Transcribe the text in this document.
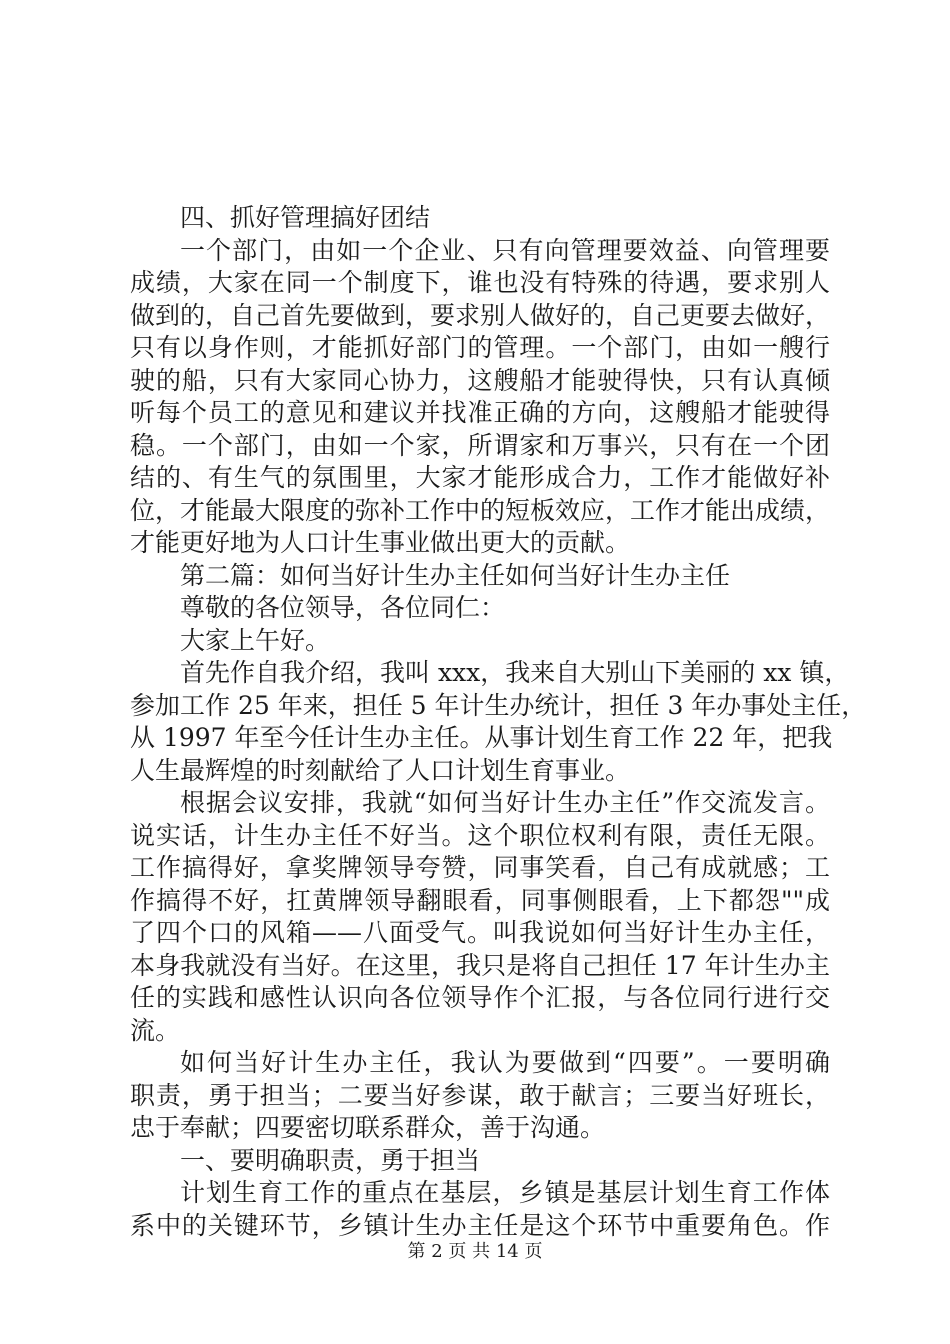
四、抓好管理搞好团结
一个部门，由如一个企业、只有向管理要效益、向管理要
成绩，大家在同一个制度下，谁也没有特殊的待遇，要求别人
做到的，自己首先要做到，要求别人做好的，自己更要去做好，
只有以身作则，才能抓好部门的管理。一个部门，由如一艘行
驶的船，只有大家同心协力，这艘船才能驶得快，只有认真倾
听每个员工的意见和建议并找准正确的方向，这艘船才能驶得
稳。一个部门，由如一个家，所谓家和万事兴，只有在一个团
结的、有生气的氛围里，大家才能形成合力，工作才能做好补
位，才能最大限度的弥补工作中的短板效应，工作才能出成绩，
才能更好地为人口计生事业做出更大的贡献。
第二篇：如何当好计生办主任如何当好计生办主任
尊敬的各位领导，各位同仁：
大家上午好。
首先作自我介绍，我叫 xxx，我来自大别山下美丽的 xx 镇，
参加工作 25 年来，担任 5 年计生办统计，担任 3 年办事处主任，
从 1997 年至今任计生办主任。从事计划生育工作 22 年，把我
人生最辉煌的时刻献给了人口计划生育事业。
根据会议安排，我就“如何当好计生办主任”作交流发言。
说实话，计生办主任不好当。这个职位权利有限，责任无限。
工作搞得好，拿奖牌领导夸赞，同事笑看，自己有成就感；工
作搞得不好，扛黄牌领导翻眼看，同事侧眼看，上下都怨""成
了四个口的风箱——八面受气。叫我说如何当好计生办主任，
本身我就没有当好。在这里，我只是将自己担任 17 年计生办主
任的实践和感性认识向各位领导作个汇报，与各位同行进行交
流。
如何当好计生办主任，我认为要做到“四要”。一要明确
职责，勇于担当；二要当好参谋，敢于献言；三要当好班长，
忠于奉献；四要密切联系群众，善于沟通。
一、要明确职责，勇于担当
计划生育工作的重点在基层，乡镇是基层计划生育工作体
系中的关键环节，乡镇计生办主任是这个环节中重要角色。作
第 2 页 共 14 页
